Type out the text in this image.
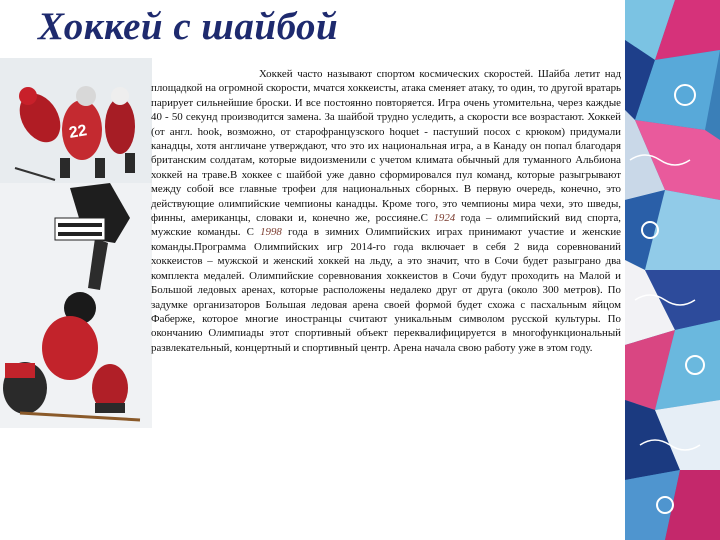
Хоккей с шайбой
22

Хоккей часто называют спортом космических скоростей. Шайба летит над площадкой на огромной скорости, мчатся хоккеисты, атака сменяет атаку, то один, то другой вратарь парирует сильнейшие броски. И все постоянно повторяется. Игра очень утомительна, через каждые 40 - 50 секунд производится замена. За шайбой трудно уследить, а скорости все возрастают. Хоккей (от англ. hook, возможно, от старофранцузского hoquet - пастуший посох с крюком) придумали канадцы, хотя англичане утверждают, что это их национальная игра, а в Канаду он попал благодаря британским солдатам, которые видоизменили с учетом климата обычный для туманного Альбиона хоккей на траве.В хоккее с шайбой уже давно сформировался пул команд, которые разыгрывают между собой все главные трофеи для национальных сборных. В первую очередь, конечно, это действующие олимпийские чемпионы канадцы. Кроме того, это чемпионы мира чехи, это шведы, финны, американцы, словаки и, конечно же, россияне.С 1924 года – олимпийский вид спорта, мужские команды. С 1998 года в зимних Олимпийских играх принимают участие и женские команды.Программа Олимпийских игр 2014-го года включает в себя 2 вида соревнований хоккеистов – мужской и женский хоккей на льду, а это значит, что в Сочи будет разыграно два комплекта медалей. Олимпийские соревнования хоккеистов в Сочи будут проходить на Малой и Большой ледовых аренах, которые расположены недалеко друг от друга (около 300 метров). По задумке организаторов Большая ледовая арена своей формой будет схожа с пасхальным яйцом Фаберже, которое многие иностранцы считают уникальным символом русской культуры. По окончанию Олимпиады этот спортивный объект переквалифицируется в многофункциональный развлекательный, концертный и спортивный центр. Арена начала свою работу уже в этом году.
